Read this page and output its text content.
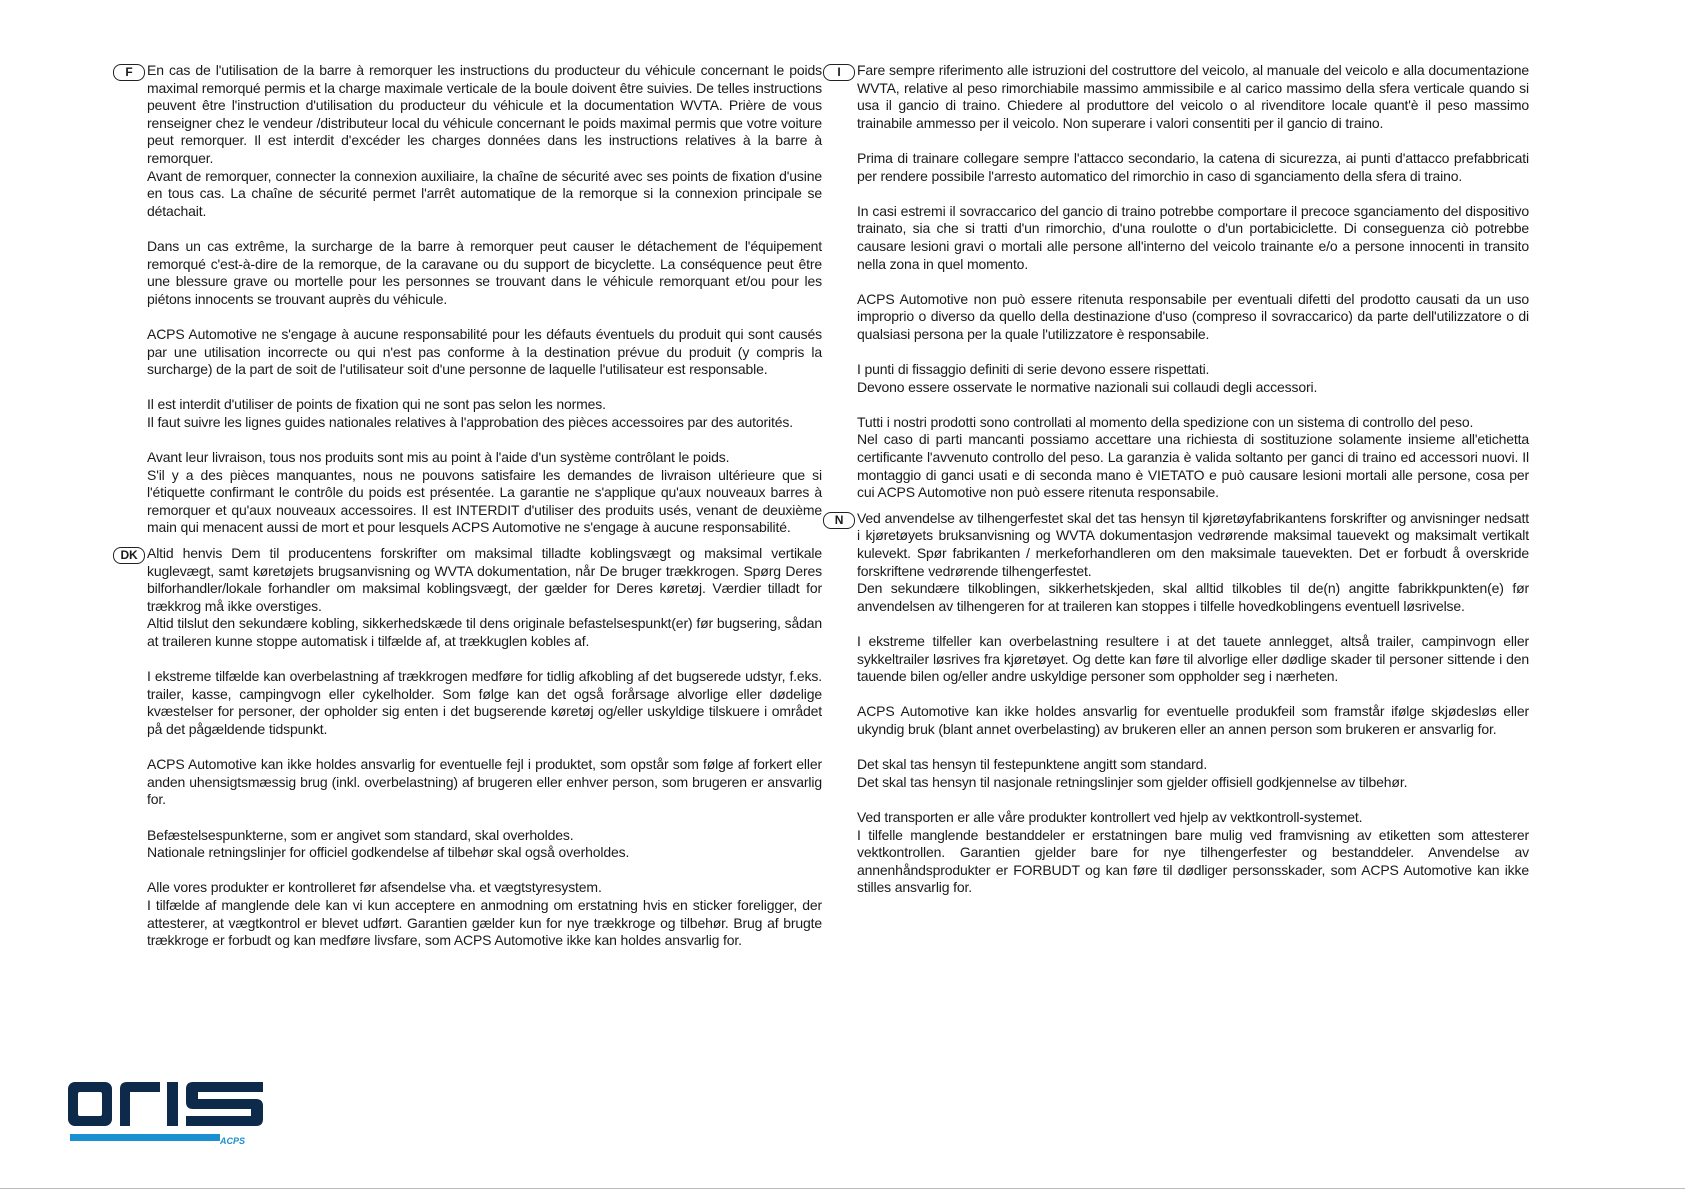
F	En cas de l'utilisation de la barre à remorquer les instructions du producteur du véhicule concernant le poids maximal remorqué permis et la charge maximale verticale de la boule doivent être suivies. De telles instructions peuvent être l'instruction d'utilisation du producteur du véhicule et la documentation WVTA. Prière de vous renseigner chez le vendeur /distributeur local du véhicule concernant le poids maximal permis que votre voiture peut remorquer. Il est interdit d'excéder les charges données dans les instructions relatives à la barre à remorquer.

Avant de remorquer, connecter la connexion auxiliaire, la chaîne de sécurité avec ses points de fixation d'usine en tous cas. La chaîne de sécurité permet l'arrêt automatique de la remorque si la connexion principale se détachait.

Dans un cas extrême, la surcharge de la barre à remorquer peut causer le détachement de l'équipement remorqué c'est-à-dire de la remorque, de la caravane ou du support de bicyclette. La conséquence peut être une blessure grave ou mortelle pour les personnes se trouvant dans le véhicule remorquant et/ou pour les piétons innocents se trouvant auprès du véhicule.

ACPS Automotive ne s'engage à aucune responsabilité pour les défauts éventuels du produit qui sont causés par une utilisation incorrecte ou qui n'est pas conforme à la destination prévue du produit (y compris la surcharge) de la part de soit de l'utilisateur soit d'une personne de laquelle l'utilisateur est responsable.

Il est interdit d'utiliser de points de fixation qui ne sont pas selon les normes.

Il faut suivre les lignes guides nationales relatives à l'approbation des pièces accessoires par des autorités.

Avant leur livraison, tous nos produits sont mis au point à l'aide d'un système contrôlant le poids.

S'il y a des pièces manquantes, nous ne pouvons satisfaire les demandes de livraison ultérieure que si l'étiquette confirmant le contrôle du poids est présentée. La garantie ne s'applique qu'aux nouveaux barres à remorquer et qu'aux nouveaux accessoires. Il est INTERDIT d'utiliser des produits usés, venant de deuxième main qui menacent aussi de mort et pour lesquels ACPS Automotive ne s'engage à aucune responsabilité.

DK Altid henvis Dem til producentens forskrifter om maksimal tilladte koblingsvægt og maksimal vertikale kuglevægt, samt køretøjets brugsanvisning og WVTA dokumentation, når De bruger trækkrogen. Spørg Deres bilforhandler/lokale forhandler om maksimal koblingsvægt, der gælder for Deres køretøj. Værdier tilladt for trækkrog må ikke overstiges.

Altid tilslut den sekundære kobling, sikkerhedskæde til dens originale befastelsespunkt(er) før bugsering, sådan at traileren kunne stoppe automatisk i tilfælde af, at trækkuglen kobles af.

I ekstreme tilfælde kan overbelastning af trækkrogen medføre for tidlig afkobling af det bugserede udstyr, f.eks. trailer, kasse, campingvogn eller cykelholder. Som følge kan det også forårsage alvorlige eller dødelige kvæstelser for personer, der opholder sig enten i det bugserende køretøj og/eller uskyldige tilskuere i området på det pågældende tidspunkt.

ACPS Automotive kan ikke holdes ansvarlig for eventuelle fejl i produktet, som opstår som følge af forkert eller anden uhensigtsmæssig brug (inkl. overbelastning) af brugeren eller enhver person, som brugeren er ansvarlig for.

Befæstelsespunkterne, som er angivet som standard, skal overholdes.

Nationale retningslinjer for officiel godkendelse af tilbehør skal også overholdes.

Alle vores produkter er kontrolleret før afsendelse vha. et vægtstyresystem.

I tilfælde af manglende dele kan vi kun acceptere en anmodning om erstatning hvis en sticker foreligger, der attesterer, at vægtkontrol er blevet udført. Garantien gælder kun for nye trækkroge og tilbehør. Brug af brugte trækkroge er forbudt og kan medføre livsfare, som ACPS Automotive ikke kan holdes ansvarlig for.

I	Fare sempre riferimento alle istruzioni del costruttore del veicolo, al manuale del veicolo e alla documentazione WVTA, relative al peso rimorchiabile massimo ammissibile e al carico massimo della sfera verticale quando si usa il gancio di traino. Chiedere al produttore del veicolo o al rivenditore locale quant'è il peso massimo trainabile ammesso per il veicolo. Non superare i valori consentiti per il gancio di traino.

Prima di trainare collegare sempre l'attacco secondario, la catena di sicurezza, ai punti d'attacco prefabbricati per rendere possibile l'arresto automatico del rimorchio in caso di sganciamento della sfera di traino.

In casi estremi il sovraccarico del gancio di traino potrebbe comportare il precoce sganciamento del dispositivo trainato, sia che si tratti d'un rimorchio, d'una roulotte o d'un portabiciclette. Di conseguenza ciò potrebbe causare lesioni gravi o mortali alle persone all'interno del veicolo trainante e/o a persone innocenti in transito nella zona in quel momento.

ACPS Automotive non può essere ritenuta responsabile per eventuali difetti del prodotto causati da un uso improprio o diverso da quello della destinazione d'uso (compreso il sovraccarico) da parte dell'utilizzatore o di qualsiasi persona per la quale l'utilizzatore è responsabile.

I punti di fissaggio definiti di serie devono essere rispettati.

Devono essere osservate le normative nazionali sui collaudi degli accessori.

Tutti i nostri prodotti sono controllati al momento della spedizione con un sistema di controllo del peso.

Nel caso di parti mancanti possiamo accettare una richiesta di sostituzione solamente insieme all'etichetta certificante l'avvenuto controllo del peso. La garanzia è valida soltanto per ganci di traino ed accessori nuovi. Il montaggio di ganci usati e di seconda mano è VIETATO e può causare lesioni mortali alle persone, cosa per cui ACPS Automotive non può essere ritenuta responsabile.

N Ved anvendelse av tilhengerfestet skal det tas hensyn til kjøretøyfabrikantens forskrifter og anvisninger nedsatt i kjøretøyets bruksanvisning og WVTA dokumentasjon vedrørende maksimal tauevekt og maksimalt vertikalt kulevekt. Spør fabrikanten / merkeforhandleren om den maksimale tauevekten. Det er forbudt å overskride forskriftene vedrørende tilhengerfestet.

Den sekundære tilkoblingen, sikkerhetskjeden, skal alltid tilkobles til de(n) angitte fabrikkpunkten(e) før anvendelsen av tilhengeren for at traileren kan stoppes i tilfelle hovedkoblingens eventuell løsrivelse.

I ekstreme tilfeller kan overbelastning resultere i at det tauete annlegget, altså trailer, campinvogn eller sykkeltrailer løsrives fra kjøretøyet. Og dette kan føre til alvorlige eller dødlige skader til personer sittende i den tauende bilen og/eller andre uskyldige personer som oppholder seg i nærheten.

ACPS Automotive kan ikke holdes ansvarlig for eventuelle produkfeil som framstår ifølge skjødesløs eller ukyndig bruk (blant annet overbelasting) av brukeren eller an annen person som brukeren er ansvarlig for.

Det skal tas hensyn til festepunktene angitt som standard.

Det skal tas hensyn til nasjonale retningslinjer som gjelder offisiell godkjennelse av tilbehør.

Ved transporten er alle våre produkter kontrollert ved hjelp av vektkontroll-systemet.

I tilfelle manglende bestanddeler er erstatningen bare mulig ved framvisning av etiketten som attesterer vektkontrollen. Garantien gjelder bare for nye tilhengerfester og bestanddeler. Anvendelse av annenhåndsprodukter er FORBUDT og kan føre til dødliger personsskader, som ACPS Automotive kan ikke stilles ansvarlig for.

ACPS
